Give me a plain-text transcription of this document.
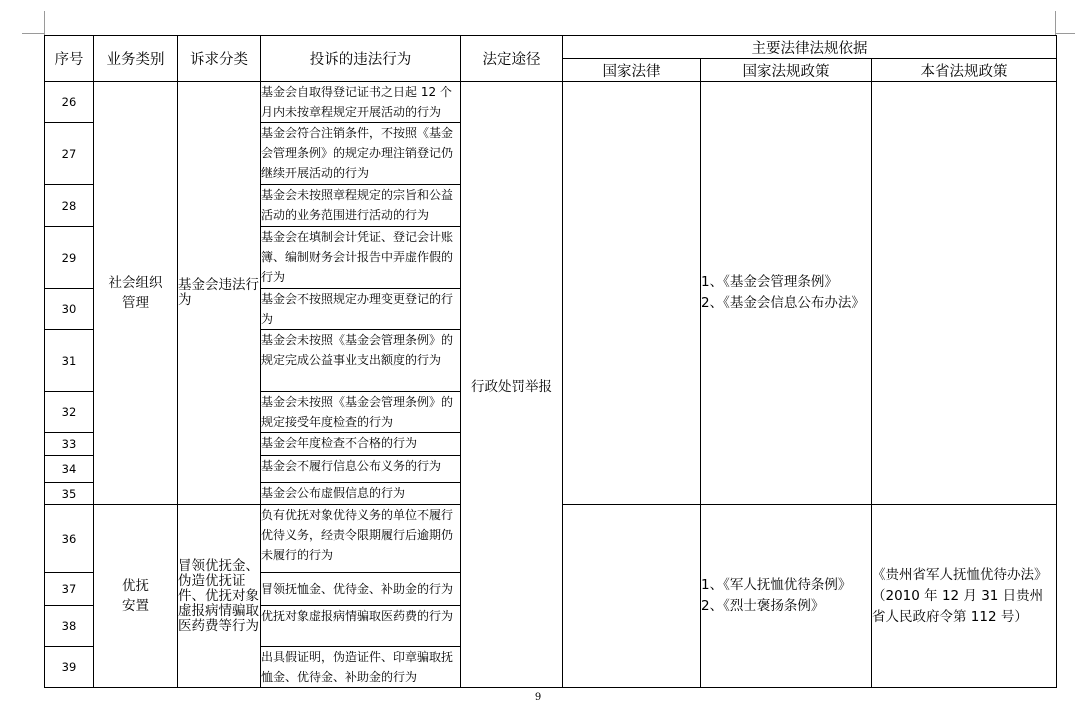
序号	业务类别	诉求分类	投诉的违法行为	法定途径	主要法律法规依据		
					国家法律	国家法规政策	本省法规政策
26	社会组织管理	基金会违法行为	基金会自取得登记证书之日起 12 个月内未按章程规定开展活动的行为	行政处罚举报		1、《基金会管理条例》
2、《基金会信息公布办法》	
27			基金会符合注销条件，不按照《基金会管理条例》的规定办理注销登记仍继续开展活动的行为				
28			基金会未按照章程规定的宗旨和公益活动的业务范围进行活动的行为				
29			基金会在填制会计凭证、登记会计账簿、编制财务会计报告中弄虚作假的行为				
30			基金会不按照规定办理变更登记的行为				
31			基金会未按照《基金会管理条例》的规定完成公益事业支出额度的行为				
32			基金会未按照《基金会管理条例》的规定接受年度检查的行为				
33			基金会年度检查不合格的行为				
34			基金会不履行信息公布义务的行为				
35			基金会公布虚假信息的行为				
36	优抚安置	冒领优抚金、伪造优抚证件、优抚对象虚报病情骗取医药费等行为	负有优抚对象优待义务的单位不履行优待义务，经责令限期履行后逾期仍未履行的行为			1、《军人抚恤优待条例》
2、《烈士褒扬条例》	《贵州省军人抚恤优待办法》（2010 年 12 月 31 日贵州省人民政府令第 112 号）
37			冒领抚恤金、优待金、补助金的行为				
38			优抚对象虚报病情骗取医药费的行为				
39			出具假证明，伪造证件、印章骗取抚恤金、优待金、补助金的行为				
9
